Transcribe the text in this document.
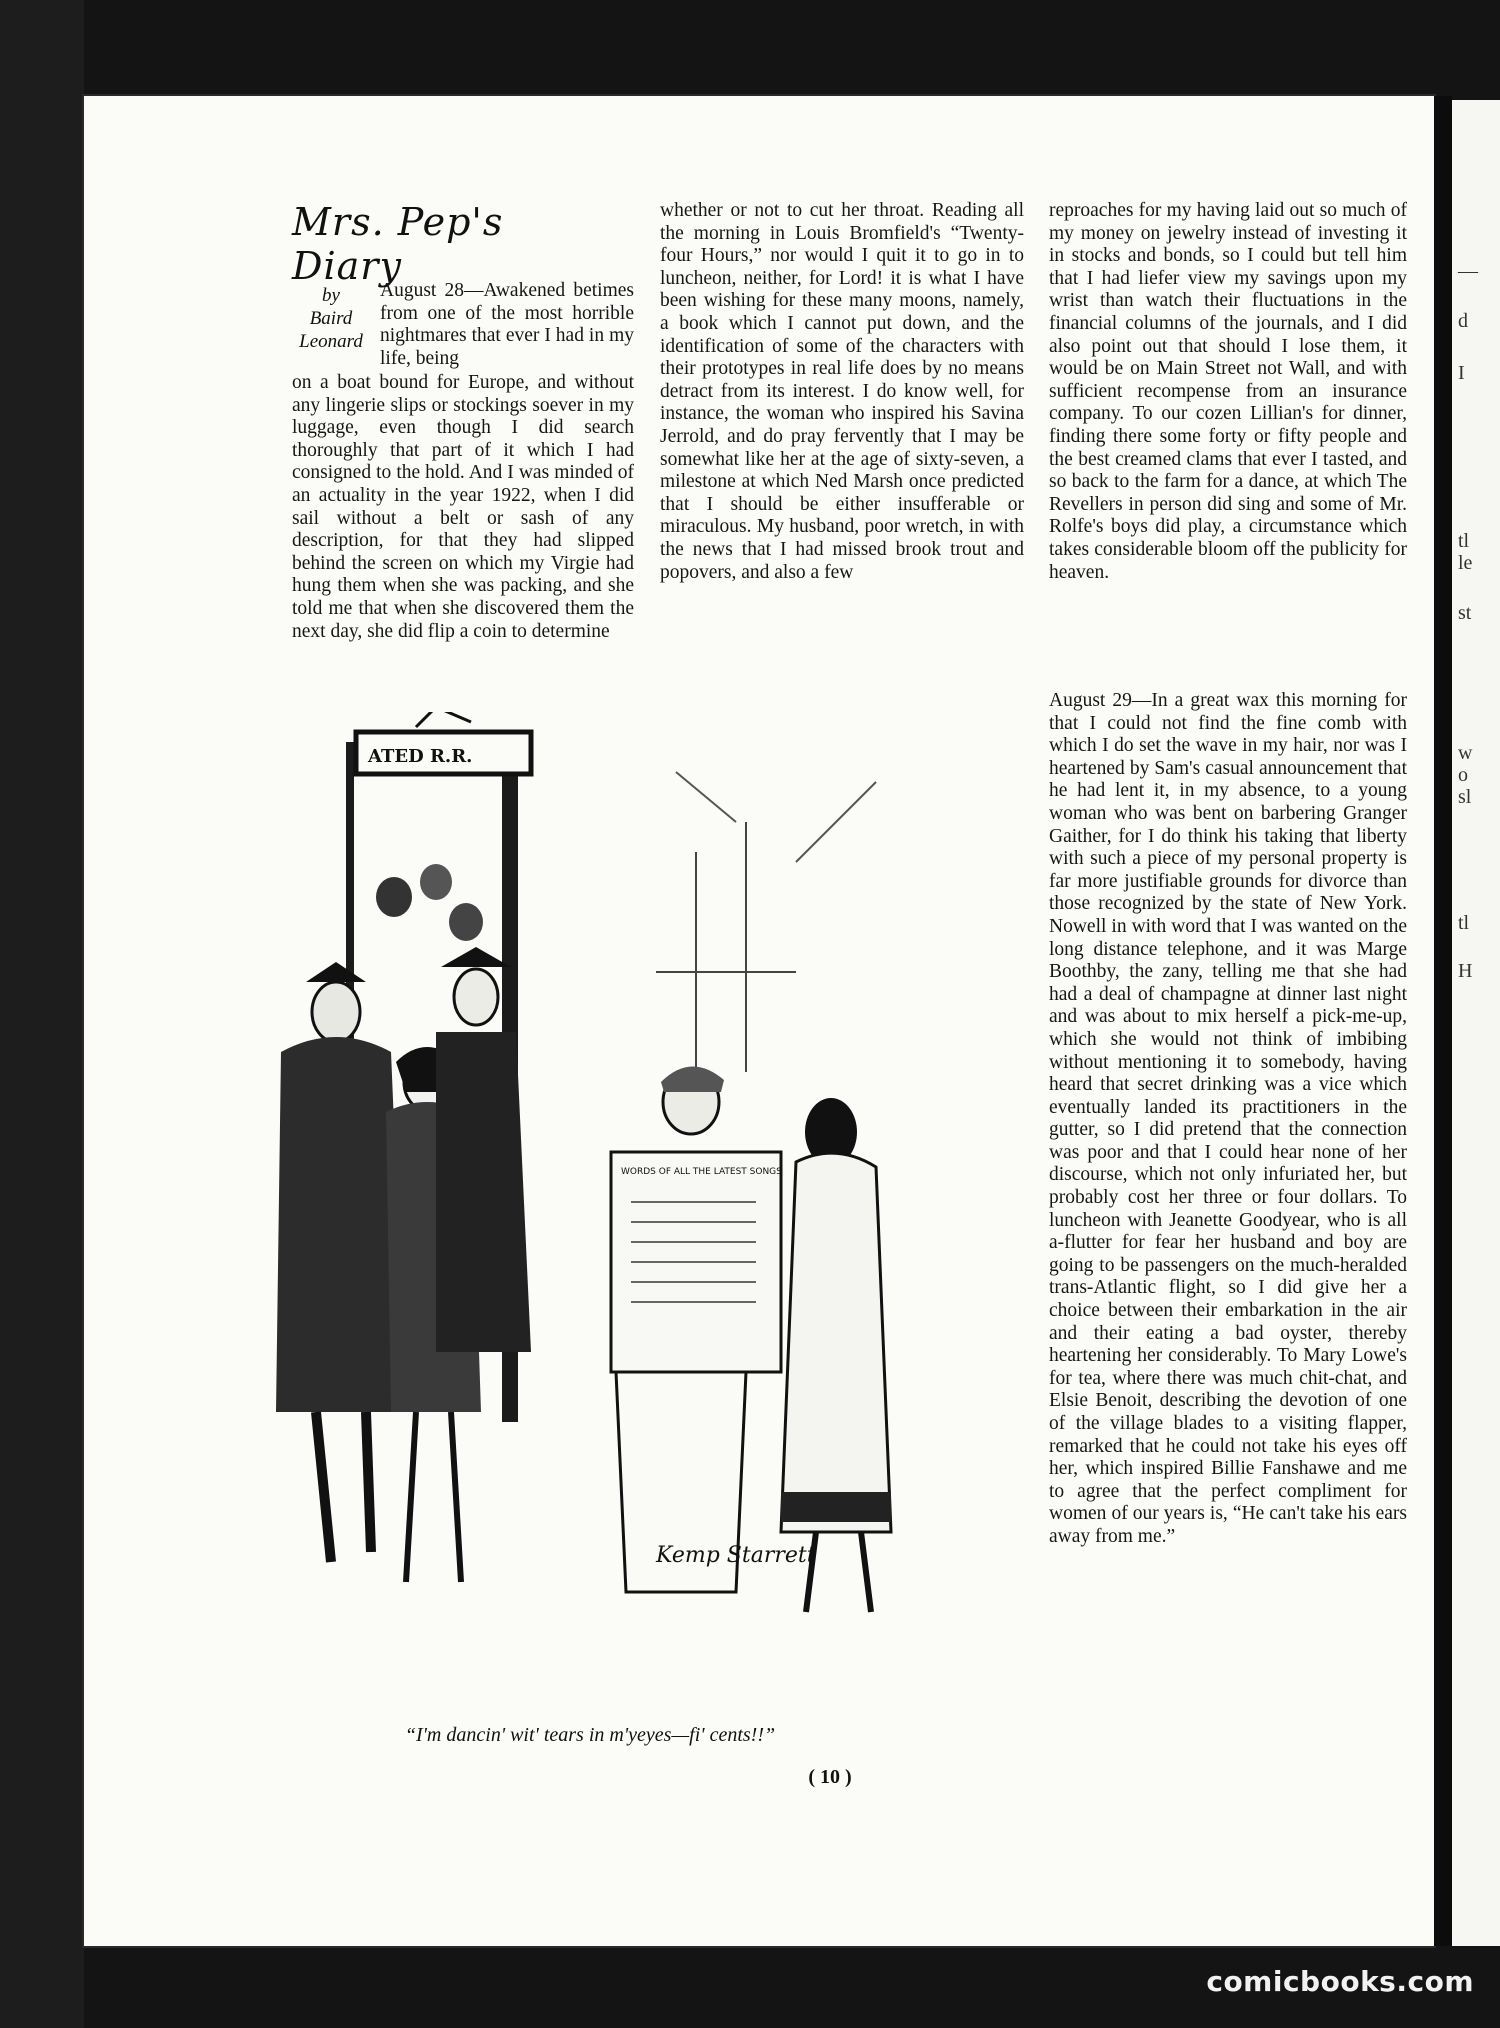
—
d
I
tl
le
st
w
o
sl
tl
H
Mrs. Pep's Diary
by
Baird Leonard

August 28—Awakened betimes from one of the most horrible nightmares that ever I had in my life, being

on a boat bound for Europe, and without any lingerie slips or stockings soever in my luggage, even though I did search thoroughly that part of it which I had consigned to the hold. And I was minded of an actuality in the year 1922, when I did sail without a belt or sash of any description, for that they had slipped behind the screen on which my Virgie had hung them when she was packing, and she told me that when she discovered them the next day, she did flip a coin to determine

whether or not to cut her throat. Reading all the morning in Louis Bromfield's “Twenty-four Hours,” nor would I quit it to go in to luncheon, neither, for Lord! it is what I have been wishing for these many moons, namely, a book which I cannot put down, and the identification of some of the characters with their prototypes in real life does by no means detract from its interest. I do know well, for instance, the woman who inspired his Savina Jerrold, and do pray fervently that I may be somewhat like her at the age of sixty-seven, a milestone at which Ned Marsh once predicted that I should be either insufferable or miraculous. My husband, poor wretch, in with the news that I had missed brook trout and popovers, and also a few

reproaches for my having laid out so much of my money on jewelry instead of investing it in stocks and bonds, so I could but tell him that I had liefer view my savings upon my wrist than watch their fluctuations in the financial columns of the journals, and I did also point out that should I lose them, it would be on Main Street not Wall, and with sufficient recompense from an insurance company. To our cozen Lillian's for dinner, finding there some forty or fifty people and the best creamed clams that ever I tasted, and so back to the farm for a dance, at which The Revellers in person did sing and some of Mr. Rolfe's boys did play, a circumstance which takes considerable bloom off the publicity for heaven.

August 29—In a great wax this morning for that I could not find the fine comb with which I do set the wave in my hair, nor was I heartened by Sam's casual announcement that he had lent it, in my absence, to a young woman who was bent on barbering Granger Gaither, for I do think his taking that liberty with such a piece of my personal property is far more justifiable grounds for divorce than those recognized by the state of New York. Nowell in with word that I was wanted on the long distance telephone, and it was Marge Boothby, the zany, telling me that she had had a deal of champagne at dinner last night and was about to mix herself a pick-me-up, which she would not think of imbibing without mentioning it to somebody, having heard that secret drinking was a vice which eventually landed its practitioners in the gutter, so I did pretend that the connection was poor and that I could hear none of her discourse, which not only infuriated her, but probably cost her three or four dollars. To luncheon with Jeanette Goodyear, who is all a-flutter for fear her husband and boy are going to be passengers on the much-heralded trans-Atlantic flight, so I did give her a choice between their embarkation in the air and their eating a bad oyster, thereby heartening her considerably. To Mary Lowe's for tea, where there was much chit-chat, and Elsie Benoit, describing the devotion of one of the village blades to a visiting flapper, remarked that he could not take his eyes off her, which inspired Billie Fanshawe and me to agree that the perfect compliment for women of our years is, “He can't take his ears away from me.”

ATED R.R.
WORDS OF ALL THE LATEST SONGS
Kemp Starrett
“I'm dancin' wit' tears in m'yeyes—fi' cents!!”
( 10 )
comicbooks.com
